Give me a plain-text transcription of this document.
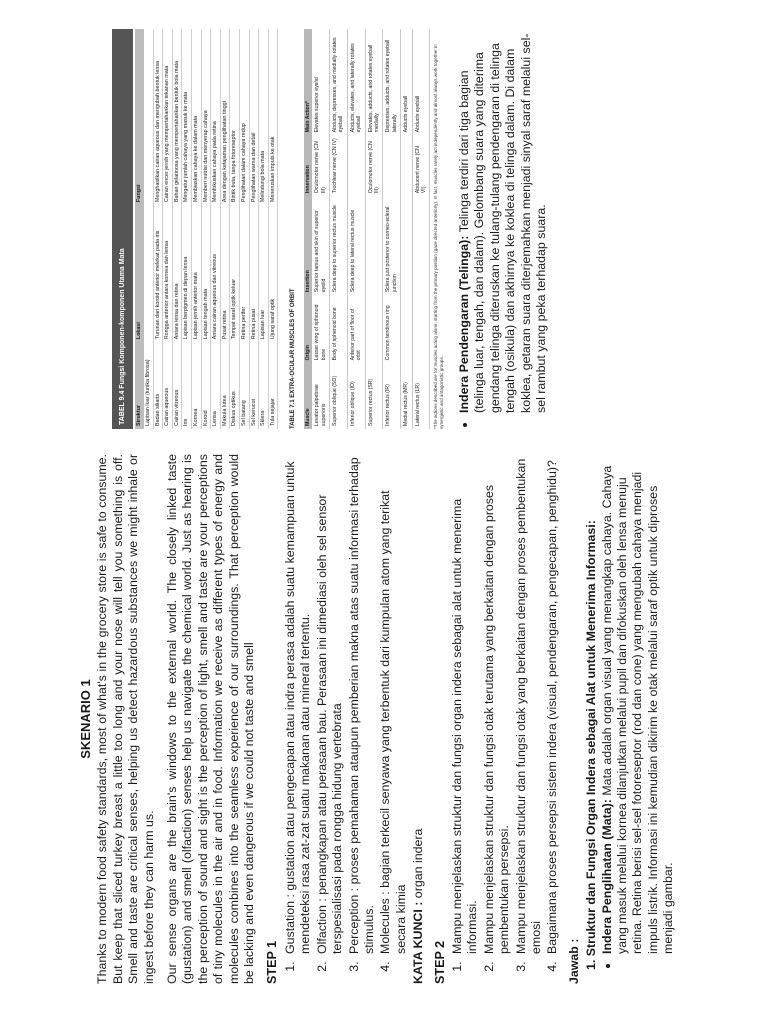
SKENARIO 1 Thanks to modern food safety standards, most of what's in the grocery store is safe to consume. But keep that sliced turkey breast a little too long and your nose will tell you something is off. Smell and taste are critical senses, helping us detect hazardous substances we might inhale or ingest before they can harm us. Our sense organs are the brain's windows to the external world. The closely linked taste (gustation) and smell (olfaction) senses help us navigate the chemical world. Just as hearing is the perception of sound and sight is the perception of light, smell and taste are your perceptions of tiny molecules in the air and in food. Information we receive as different types of energy and molecules combines into the seamless experience of our surroundings. That perception would be lacking and even dangerous if we could not taste and smell STEP 1
1. Gustation : gustation atau pengecapan atau indra perasa adalah suatu kemampuan untuk mendeteksi rasa zat-zat suatu makanan atau mineral tertentu. 2. Olfaction : penangkapan atau perasaan bau. Perasaan ini dimediasi oleh sel sensor terspesialisasi pada rongga hidung vertebrata 3. Perception : proses pemahaman ataupun pemberian makna atas suatu informasi terhadap stimulus. 4. Molecules : bagian terkecil senyawa yang terbentuk dari kumpulan atom yang terikat secara kimia KATA KUNCI : organ indera
STEP 2
1. Mampu menjelaskan struktur dan fungsi organ indera sebagai alat untuk menerima informasi. 2. Mampu menjelaskan struktur dan fungsi otak terutama yang berkaitan dengan proses pembentukan persepsi. 3. Mampu menjelaskan struktur dan fungsi otak yang berkaitan dengan proses pembentukan emosi 4. Bagaimana proses persepsi sistem indera (visual, pendengaran, pengecapan, penghidu)?
Jawab : 1. Struktur dan Fungsi Organ Indera sebagai Alat untuk Menerima Informasi: • Indera Penglihatan (Mata): Mata adalah organ visual yang menangkap cahaya. Cahaya yang masuk melalui kornea dilanjutkan melalui pupil dan difokuskan oleh lensa menuju retina. Retina berisi sel-sel fotoreseptor (rod dan cone) yang mengubah cahaya menjadi impuls listrik. Informasi ini kemudian dikirim ke otak melalui saraf optik untuk diproses menjadi gambar.
TABEL 9.4 Fungsi Komponen-komponen Utama Mata	Struktur	Lokasi	Fungsi
Lapisan luar (tunika fibrosa)		
Badan siliaris	Turunan dari koroid anterior melekat pada iris	Menghasilkan cairan aqueous dan mengubah bentuk lensa
Cairan aqueous	Rongga anterior antara kornea dan lensa	Cairan encer jernih yang mempertahankan tekanan mata
Cairan vitreous	Antara lensa dan retina	Bahan gelatinosa yang mempertahankan bentuk bola mata
Iris	Lapisan berpigmen di depan lensa	Mengatur jumlah cahaya yang masuk ke mata
Kornea	Lapisan jernih anterior mata	Membiaskan cahaya ke dalam mata
Koroid	Lapisan tengah mata	Memberi nutrisi dan menyerap cahaya
Lensa	Antara cairan aqueous dan vitreous	Memfokuskan cahaya pada retina
Makula lutea	Pusat retina	Area dengan ketajaman penglihatan tinggi
Diskus optikus	Tempat saraf optik keluar	Bintik buta, tanpa fotoreseptor
Sel batang	Retina perifer	Penglihatan dalam cahaya redup
Sel kerucut	Retina pusat	Penglihatan warna dan detail
Sklera	Lapisan luar	Melindungi bola mata
Tula sejajar	Ujung saraf optik	Meneruskan impuls ke otak
TABLE 7.1 EXTRA-OCULAR MUSCLES OF ORBIT	Muscle	Origin	Insertion	Innervation	Main Action*
Levator palpebrae superioris	Lesser wing of sphenoid bone	Superior tarsus and skin of superior eyelid	Oculomotor nerve (CN III)	Elevates superior eyelid
Superior oblique (SO)	Body of sphenoid bone	Sclera deep to superior rectus muscle	Trochlear nerve (CN IV)	Abducts, depresses, and medially rotates eyeball
Inferior oblique (IO)	Anterior part of floor of orbit	Sclera deep to lateral rectus muscle		Abducts, elevates, and laterally rotates eyeball
Superior rectus (SR)			Oculomotor nerve (CN III)	Elevates, adducts, and rotates eyeball medially
Inferior rectus (IR)	Common tendinous ring	Sclera just posterior to corneo-scleral junction		Depresses, adducts, and rotates eyeball laterally
Medial rectus (MR)				Adducts eyeball
Lateral rectus (LR)			Abducent nerve (CN VI)	Abducts eyeball	*The actions described are for muscles acting alone, starting from the primary position (gaze directed anteriorly). In fact, muscles rarely act independently and almost always work together in synergistic and antagonistic groups. • Indera Pendengaran (Telinga): Telinga terdiri dari tiga bagian (telinga luar, tengah, dan dalam). Gelombang suara yang diterima gendang telinga diteruskan ke tulang-tulang pendengaran di telinga tengah (osikula) dan akhirnya ke koklea di telinga dalam. Di dalam koklea, getaran suara diterjemahkan menjadi sinyal saraf melalui sel-sel rambut yang peka terhadap suara.
